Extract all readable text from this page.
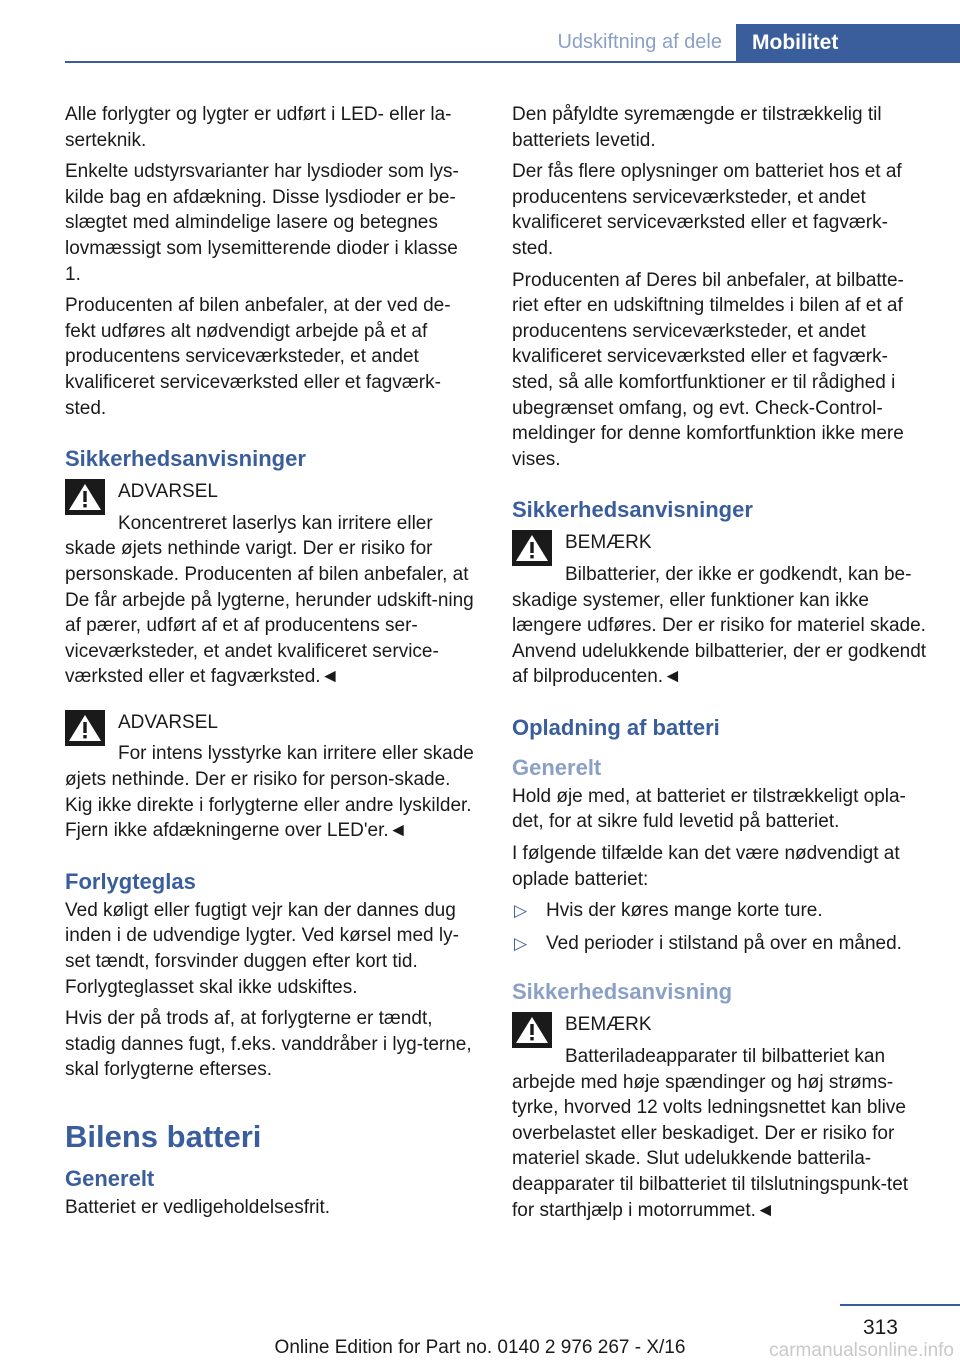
Udskiftning af dele	Mobilitet

Alle forlygter og lygter er udført i LED- eller la-serteknik.

Enkelte udstyrsvarianter har lysdioder som lys-kilde bag en afdækning. Disse lysdioder er be-slægtet med almindelige lasere og betegnes lovmæssigt som lysemitterende dioder i klasse 1.

Producenten af bilen anbefaler, at der ved de-fekt udføres alt nødvendigt arbejde på et af producentens serviceværksteder, et andet kvalificeret serviceværksted eller et fagværk-sted.

Sikkerhedsanvisninger
ADVARSEL
Koncentreret laserlys kan irritere eller skade øjets nethinde varigt. Der er risiko for personskade. Producenten af bilen anbefaler, at De får arbejde på lygterne, herunder udskift-ning af pærer, udført af et af producentens ser-viceværksteder, et andet kvalificeret service-værksted eller et fagværksted.◄
ADVARSEL
For intens lysstyrke kan irritere eller skade øjets nethinde. Der er risiko for person-skade. Kig ikke direkte i forlygterne eller andre lyskilder. Fjern ikke afdækningerne over LED'er.◄
Forlygteglas

Ved køligt eller fugtigt vejr kan der dannes dug inden i de udvendige lygter. Ved kørsel med ly-set tændt, forsvinder duggen efter kort tid. Forlygteglasset skal ikke udskiftes.

Hvis der på trods af, at forlygterne er tændt, stadig dannes fugt, f.eks. vanddråber i lyg-terne, skal forlygterne efterses.

Bilens batteri
Generelt

Batteriet er vedligeholdelsesfrit.

Den påfyldte syremængde er tilstrækkelig til batteriets levetid.

Der fås flere oplysninger om batteriet hos et af producentens serviceværksteder, et andet kvalificeret serviceværksted eller et fagværk-sted.

Producenten af Deres bil anbefaler, at bilbatte-riet efter en udskiftning tilmeldes i bilen af et af producentens serviceværksteder, et andet kvalificeret serviceværksted eller et fagværk-sted, så alle komfortfunktioner er til rådighed i ubegrænset omfang, og evt. Check-Control-meldinger for denne komfortfunktion ikke mere vises.

Sikkerhedsanvisninger
BEMÆRK
Bilbatterier, der ikke er godkendt, kan be-skadige systemer, eller funktioner kan ikke længere udføres. Der er risiko for materiel skade. Anvend udelukkende bilbatterier, der er godkendt af bilproducenten.◄
Opladning af batteri
Generelt

Hold øje med, at batteriet er tilstrækkeligt opla-det, for at sikre fuld levetid på batteriet.

I følgende tilfælde kan det være nødvendigt at oplade batteriet:

▷ Hvis der køres mange korte ture.
▷ Ved perioder i stilstand på over en måned.
Sikkerhedsanvisning
BEMÆRK
Batteriladeapparater til bilbatteriet kan arbejde med høje spændinger og høj strøms-tyrke, hvorved 12 volts ledningsnettet kan blive overbelastet eller beskadiget. Der er risiko for materiel skade. Slut udelukkende batterila-deapparater til bilbatteriet til tilslutningspunk-tet for starthjælp i motorrummet.◄
313
Online Edition for Part no. 0140 2 976 267 - X/16	carmanualsonline.info
